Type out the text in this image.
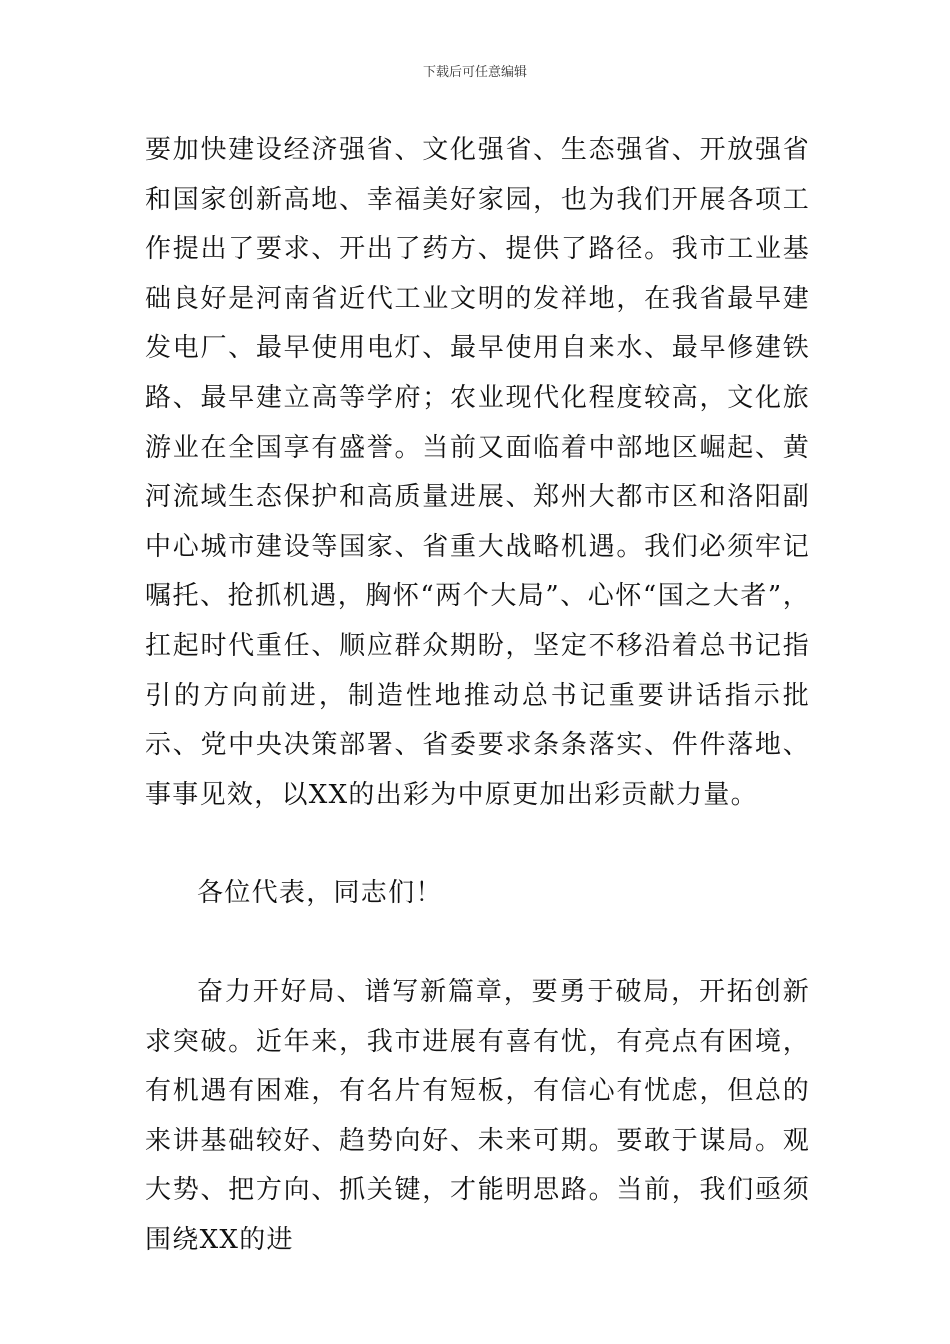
下载后可任意编辑

要加快建设经济强省、文化强省、生态强省、开放强省和国家创新高地、幸福美好家园，也为我们开展各项工作提出了要求、开出了药方、提供了路径。我市工业基础良好是河南省近代工业文明的发祥地，在我省最早建发电厂、最早使用电灯、最早使用自来水、最早修建铁路、最早建立高等学府；农业现代化程度较高，文化旅游业在全国享有盛誉。当前又面临着中部地区崛起、黄河流域生态保护和高质量进展、郑州大都市区和洛阳副中心城市建设等国家、省重大战略机遇。我们必须牢记嘱托、抢抓机遇，胸怀“两个大局”、心怀“国之大者”，扛起时代重任、顺应群众期盼，坚定不移沿着总书记指引的方向前进，制造性地推动总书记重要讲话指示批示、党中央决策部署、省委要求条条落实、件件落地、事事见效，以XX的出彩为中原更加出彩贡献力量。

各位代表，同志们！

奋力开好局、谱写新篇章，要勇于破局，开拓创新求突破。近年来，我市进展有喜有忧，有亮点有困境，有机遇有困难，有名片有短板，有信心有忧虑，但总的来讲基础较好、趋势向好、未来可期。要敢于谋局。观大势、把方向、抓关键，才能明思路。当前，我们亟须围绕XX的进
